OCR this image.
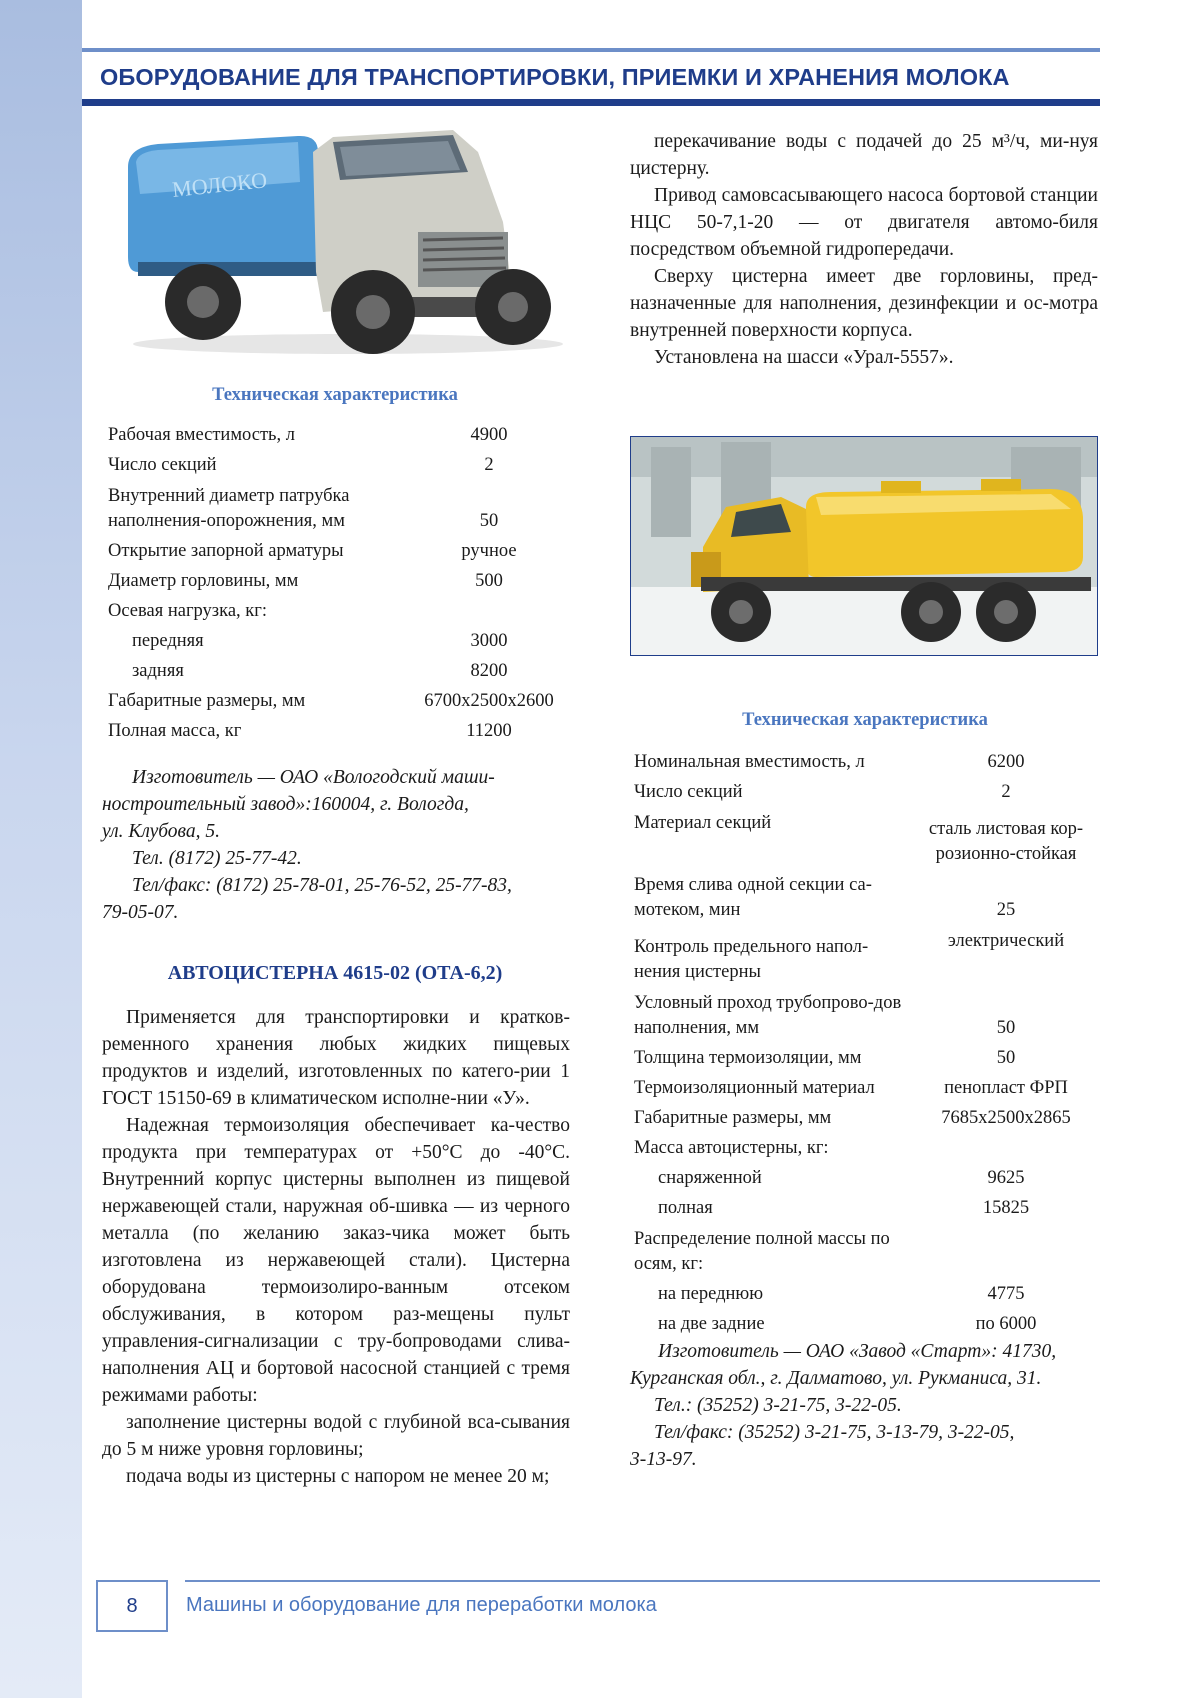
ОБОРУДОВАНИЕ ДЛЯ ТРАНСПОРТИРОВКИ, ПРИЕМКИ И ХРАНЕНИЯ МОЛОКА
МОЛОКО
Техническая характеристика
Рабочая вместимость, л	4900
Число секций	2
Внутренний диаметр патрубка наполнения-опорожнения, мм	50
Открытие запорной арматуры	ручное
Диаметр горловины, мм	500
Осевая нагрузка, кг:	
передняя	3000
задняя	8200
Габаритные размеры, мм	6700x2500x2600
Полная масса, кг	11200
Изготовитель — ОАО «Вологодский маши-
ностроительный завод»:160004, г. Вологда,
ул. Клубова, 5.
Тел. (8172) 25-77-42.
Тел/факс: (8172) 25-78-01, 25-76-52, 25-77-83,
79-05-07.
АВТОЦИСТЕРНА 4615-02 (ОТА-6,2)
Применяется для транспортировки и кратков-ременного хранения любых жидких пищевых продуктов и изделий, изготовленных по катего-рии 1 ГОСТ 15150-69 в климатическом исполне-нии «У».
Надежная термоизоляция обеспечивает ка-чество продукта при температурах от +50°С до -40°С. Внутренний корпус цистерны выполнен из пищевой нержавеющей стали, наружная об-шивка — из черного металла (по желанию заказ-чика может быть изготовлена из нержавеющей стали). Цистерна оборудована термоизолиро-ванным отсеком обслуживания, в котором раз-мещены пульт управления-сигнализации с тру-бопроводами слива-наполнения АЦ и бортовой насосной станцией с тремя режимами работы:
заполнение цистерны водой с глубиной вса-сывания до 5 м ниже уровня горловины;
подача воды из цистерны с напором не менее 20 м;
перекачивание воды с подачей до 25 м³/ч, ми-нуя цистерну.
Привод самовсасывающего насоса бортовой станции НЦС 50-7,1-20 — от двигателя автомо-биля посредством объемной гидропередачи.
Сверху цистерна имеет две горловины, пред-назначенные для наполнения, дезинфекции и ос-мотра внутренней поверхности корпуса.
Установлена на шасси «Урал-5557».
Техническая характеристика
Номинальная вместимость, л	6200
Число секций	2
Материал секций	сталь листовая кор-розионно-стойкая
Время слива одной секции са-мотеком, мин	25
Контроль предельного напол-нения цистерны	электрический
Условный проход трубопрово-дов наполнения, мм	50
Толщина термоизоляции, мм	50
Термоизоляционный материал	пенопласт ФРП
Габаритные размеры, мм	7685x2500x2865
Масса автоцистерны, кг:	
снаряженной	9625
полная	15825
Распределение полной массы по осям, кг:	
на переднюю	4775
на две задние	по 6000
Изготовитель — ОАО «Завод «Старт»: 41730,
Курганская обл., г. Далматово, ул. Рукманиса, 31.
Тел.: (35252) 3-21-75, 3-22-05.
Тел/факс: (35252) 3-21-75, 3-13-79, 3-22-05,
3-13-97.
8	Машины и оборудование для переработки молока
